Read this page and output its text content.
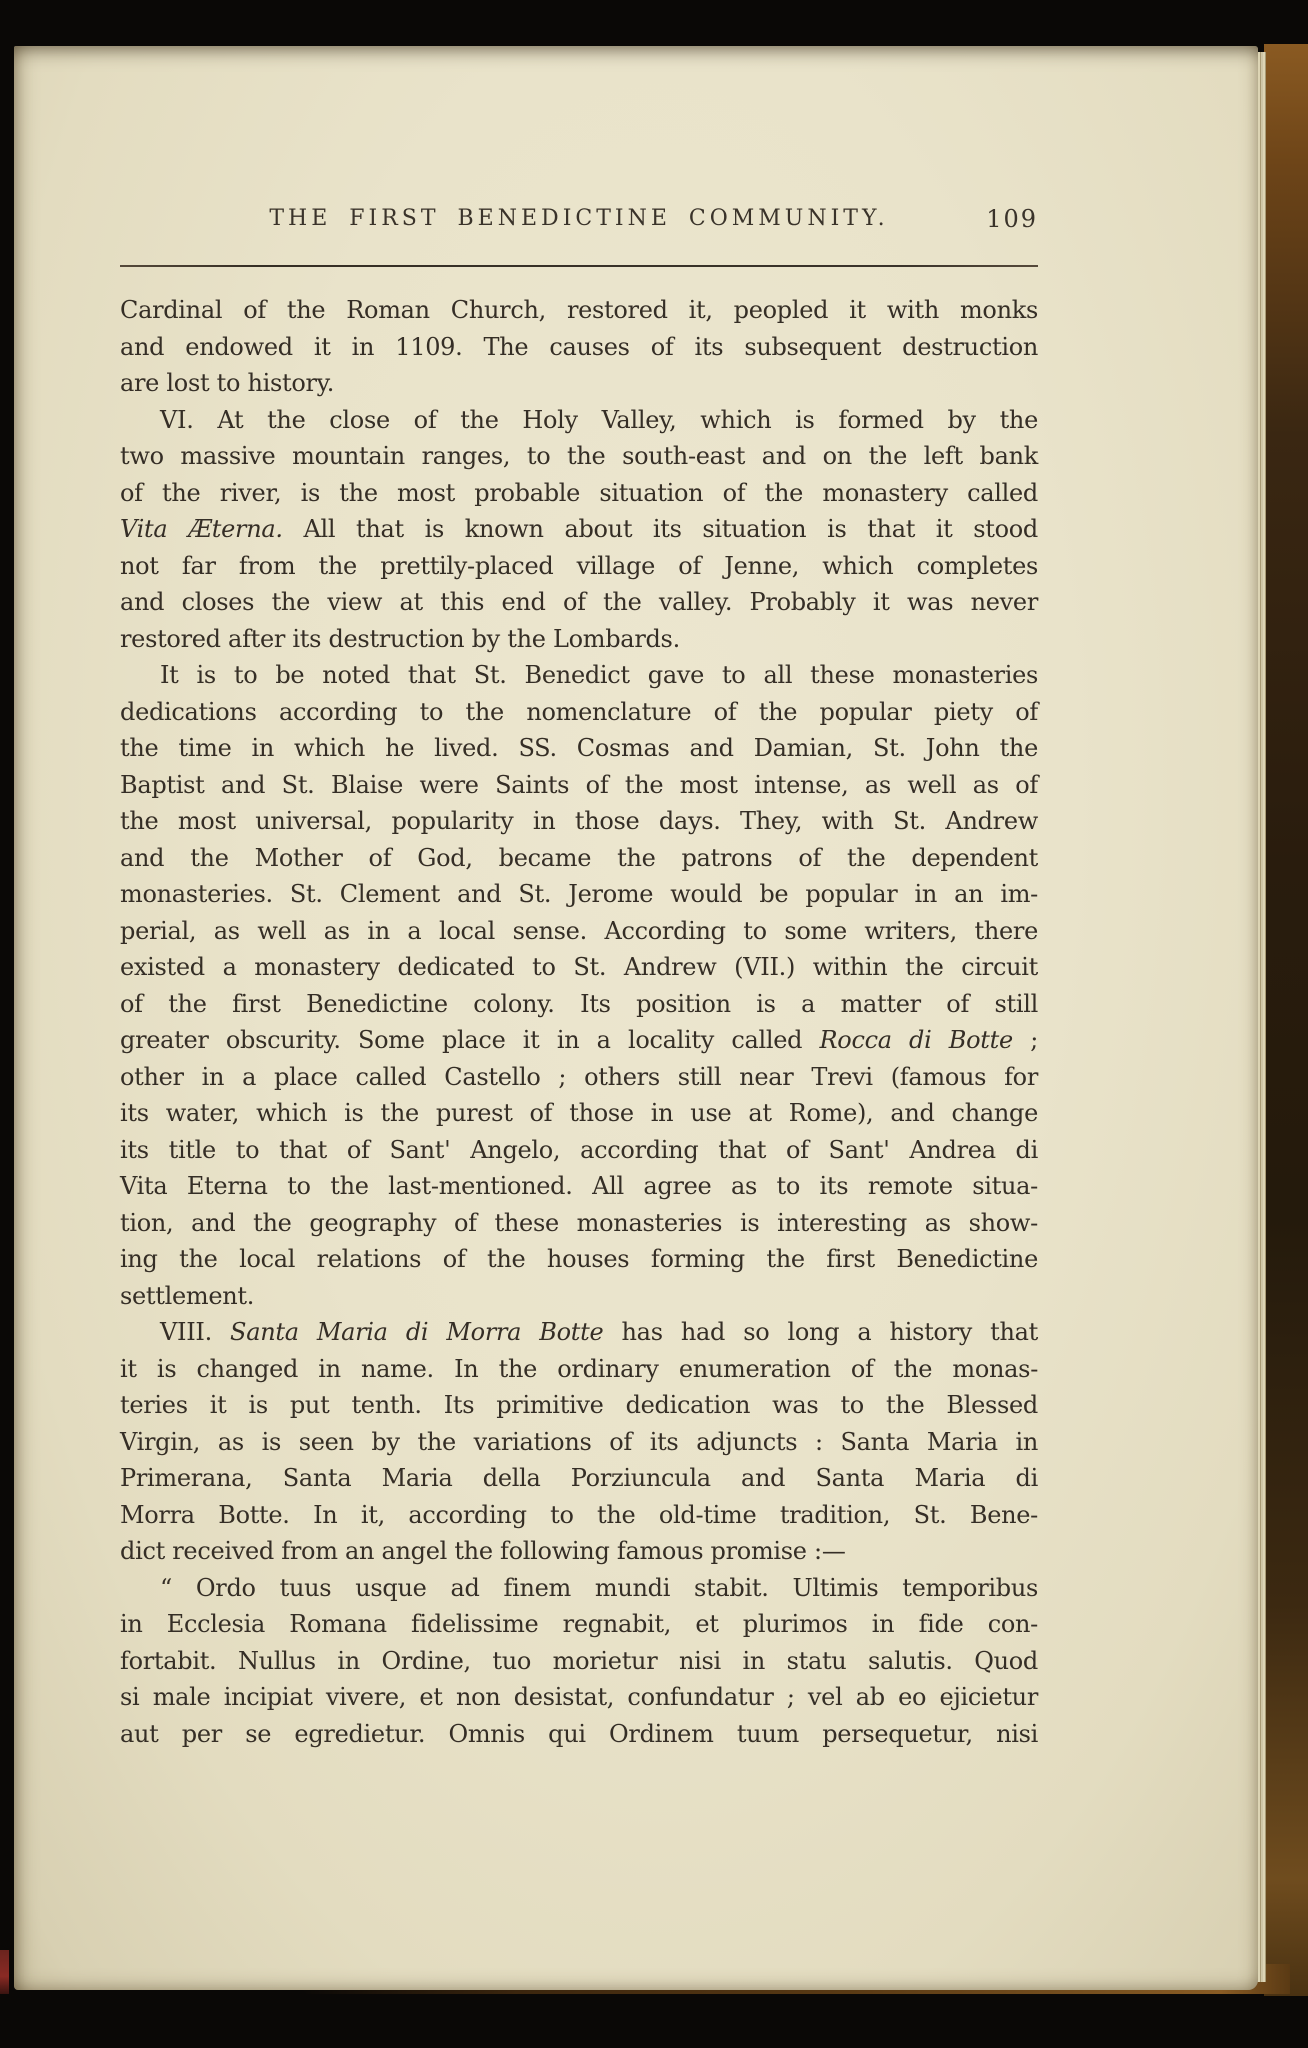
THE FIRST BENEDICTINE COMMUNITY.	109
Cardinal of the Roman Church, restored it, peopled it with monks
and endowed it in 1109. The causes of its subsequent destruction
are lost to history.
VI. At the close of the Holy Valley, which is formed by the
two massive mountain ranges, to the south-east and on the left bank
of the river, is the most probable situation of the monastery called
Vita Æterna. All that is known about its situation is that it stood
not far from the prettily-placed village of Jenne, which completes
and closes the view at this end of the valley. Probably it was never
restored after its destruction by the Lombards.
It is to be noted that St. Benedict gave to all these monasteries
dedications according to the nomenclature of the popular piety of
the time in which he lived. SS. Cosmas and Damian, St. John the
Baptist and St. Blaise were Saints of the most intense, as well as of
the most universal, popularity in those days. They, with St. Andrew
and the Mother of God, became the patrons of the dependent
monasteries. St. Clement and St. Jerome would be popular in an im-
perial, as well as in a local sense. According to some writers, there
existed a monastery dedicated to St. Andrew (VII.) within the circuit
of the first Benedictine colony. Its position is a matter of still
greater obscurity. Some place it in a locality called Rocca di Botte ;
other in a place called Castello ; others still near Trevi (famous for
its water, which is the purest of those in use at Rome), and change
its title to that of Sant' Angelo, according that of Sant' Andrea di
Vita Eterna to the last-mentioned. All agree as to its remote situa-
tion, and the geography of these monasteries is interesting as show-
ing the local relations of the houses forming the first Benedictine
settlement.
VIII. Santa Maria di Morra Botte has had so long a history that
it is changed in name. In the ordinary enumeration of the monas-
teries it is put tenth. Its primitive dedication was to the Blessed
Virgin, as is seen by the variations of its adjuncts : Santa Maria in
Primerana, Santa Maria della Porziuncula and Santa Maria di
Morra Botte. In it, according to the old-time tradition, St. Bene-
dict received from an angel the following famous promise :—
“ Ordo tuus usque ad finem mundi stabit. Ultimis temporibus
in Ecclesia Romana fidelissime regnabit, et plurimos in fide con-
fortabit. Nullus in Ordine, tuo morietur nisi in statu salutis. Quod
si male incipiat vivere, et non desistat, confundatur ; vel ab eo ejicietur
aut per se egredietur. Omnis qui Ordinem tuum persequetur, nisi
